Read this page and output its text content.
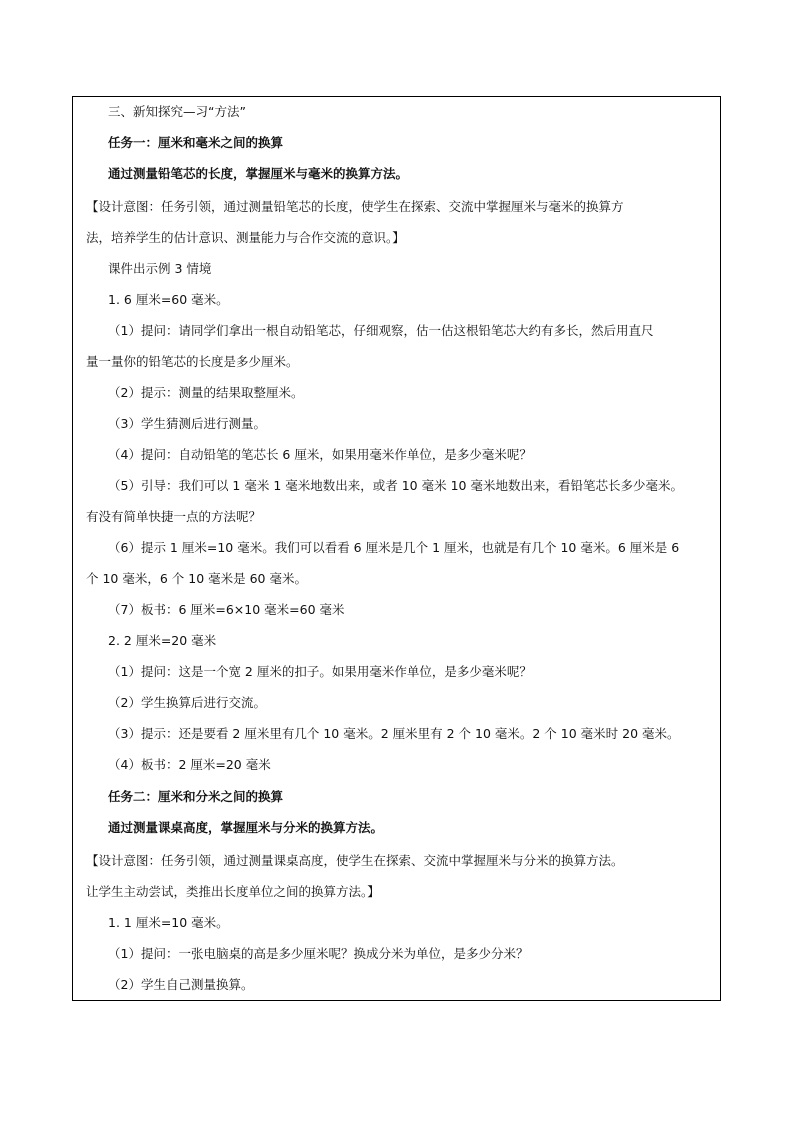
三、新知探究—习“方法”
任务一：厘米和毫米之间的换算
通过测量铅笔芯的长度，掌握厘米与毫米的换算方法。
【设计意图：任务引领，通过测量铅笔芯的长度，使学生在探索、交流中掌握厘米与毫米的换算方
法，培养学生的估计意识、测量能力与合作交流的意识。】
课件出示例 3 情境
1. 6 厘米=60 毫米。
（1）提问：请同学们拿出一根自动铅笔芯，仔细观察，估一估这根铅笔芯大约有多长，然后用直尺
量一量你的铅笔芯的长度是多少厘米。
（2）提示：测量的结果取整厘米。
（3）学生猜测后进行测量。
（4）提问：自动铅笔的笔芯长 6 厘米，如果用毫米作单位，是多少毫米呢？
（5）引导：我们可以 1 毫米 1 毫米地数出来，或者 10 毫米 10 毫米地数出来，看铅笔芯长多少毫米。
有没有简单快捷一点的方法呢？
（6）提示 1 厘米=10 毫米。我们可以看看 6 厘米是几个 1 厘米，也就是有几个 10 毫米。6 厘米是 6
个 10 毫米，6 个 10 毫米是 60 毫米。
（7）板书：6 厘米=6×10 毫米=60 毫米
2. 2 厘米=20 毫米
（1）提问：这是一个宽 2 厘米的扣子。如果用毫米作单位，是多少毫米呢？
（2）学生换算后进行交流。
（3）提示：还是要看 2 厘米里有几个 10 毫米。2 厘米里有 2 个 10 毫米。2 个 10 毫米时 20 毫米。
（4）板书：2 厘米=20 毫米
任务二：厘米和分米之间的换算
通过测量课桌高度，掌握厘米与分米的换算方法。
【设计意图：任务引领，通过测量课桌高度，使学生在探索、交流中掌握厘米与分米的换算方法。
让学生主动尝试，类推出长度单位之间的换算方法。】
1. 1 厘米=10 毫米。
（1）提问：一张电脑桌的高是多少厘米呢？换成分米为单位，是多少分米？
（2）学生自己测量换算。
